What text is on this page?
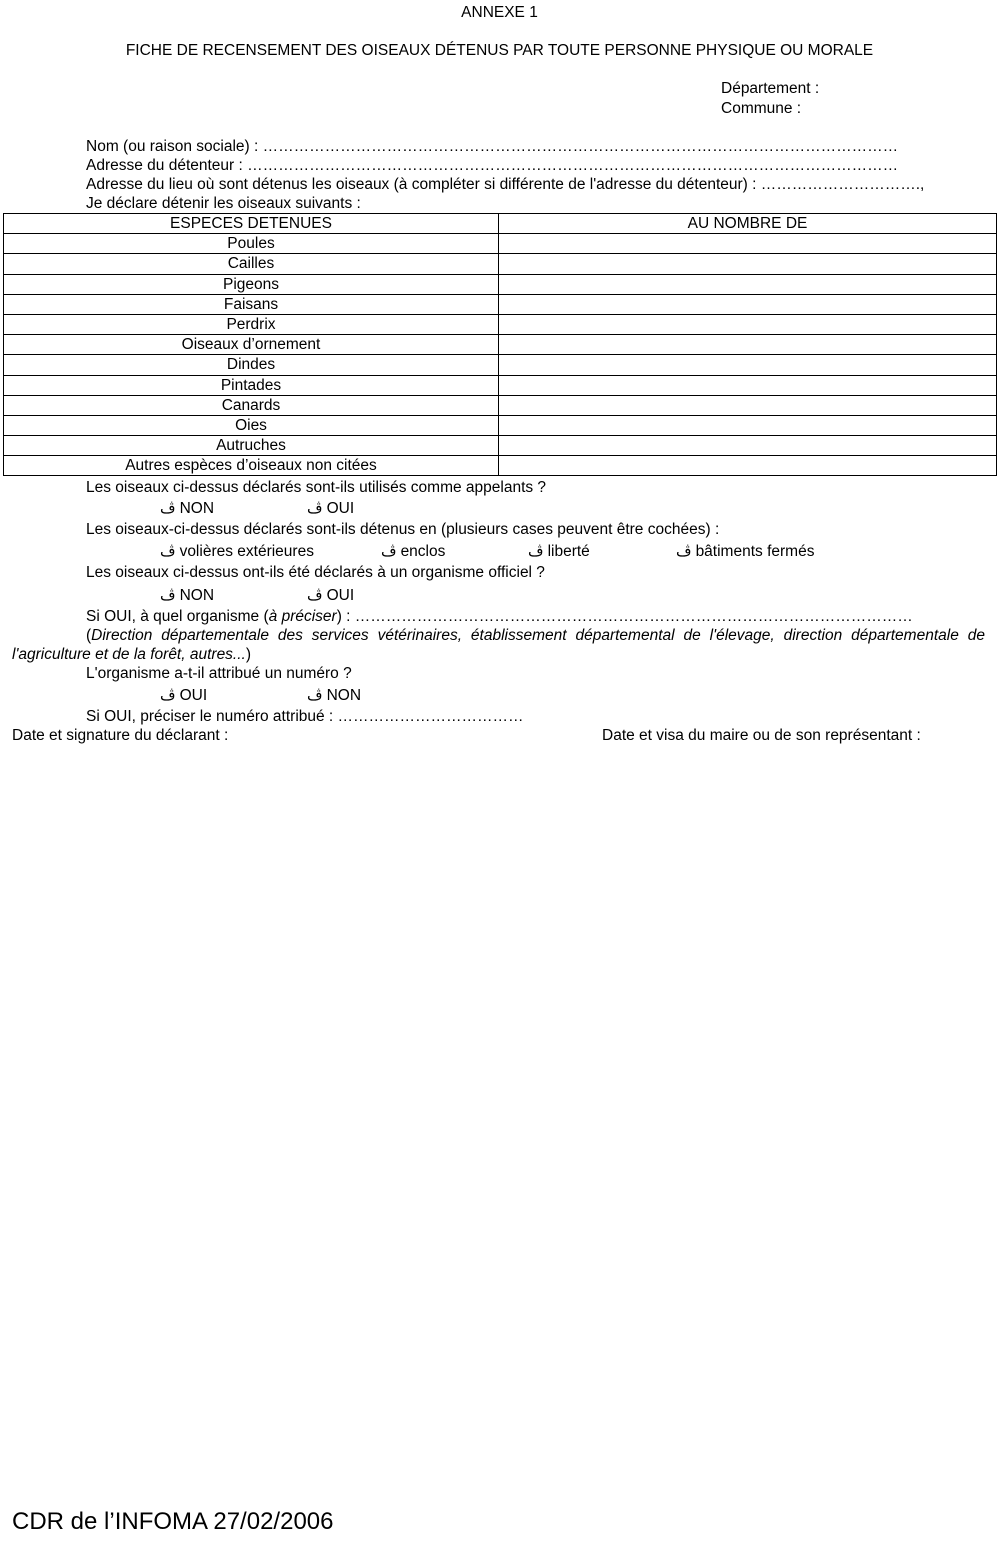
ANNEXE 1
FICHE DE RECENSEMENT DES OISEAUX DÉTENUS PAR TOUTE PERSONNE PHYSIQUE OU MORALE
Département :
Commune :
Nom (ou raison sociale) : ……………………………………………………………………………………………………………
Adresse du détenteur : ………………………………………………………………………………………………………………
Adresse du lieu où sont détenus les oiseaux (à compléter si différente de l'adresse du détenteur) : ………………………….,
Je déclare détenir les oiseaux suivants :
ESPECES DETENUES	AU NOMBRE DE
Poules	
Cailles	
Pigeons	
Faisans	
Perdrix	
Oiseaux d’ornement	
Dindes	
Pintades	
Canards	
Oies	
Autruches	
Autres espèces d’oiseaux non citées	
Les oiseaux ci-dessus déclarés sont-ils utilisés comme appelants ?
ڤ NON	ڤ OUI
Les oiseaux-ci-dessus déclarés sont-ils détenus en (plusieurs cases peuvent être cochées) :
ڤ volières extérieures	ڤ enclos	ڤ liberté	ڤ bâtiments fermés
Les oiseaux ci-dessus ont-ils été déclarés à un organisme officiel ?
ڤ NON	ڤ OUI
Si OUI, à quel organisme (à préciser) : ………………………………………………………………………………………………
(Direction départementale des services vétérinaires, établissement départemental de l'élevage, direction départementale de l'agriculture et de la forêt, autres...)
L'organisme a-t-il attribué un numéro ?
ڤ OUI	ڤ NON
Si OUI, préciser le numéro attribué : ………………………………
Date et signature du déclarant :	Date et visa du maire ou de son représentant :
CDR de l’INFOMA 27/02/2006
